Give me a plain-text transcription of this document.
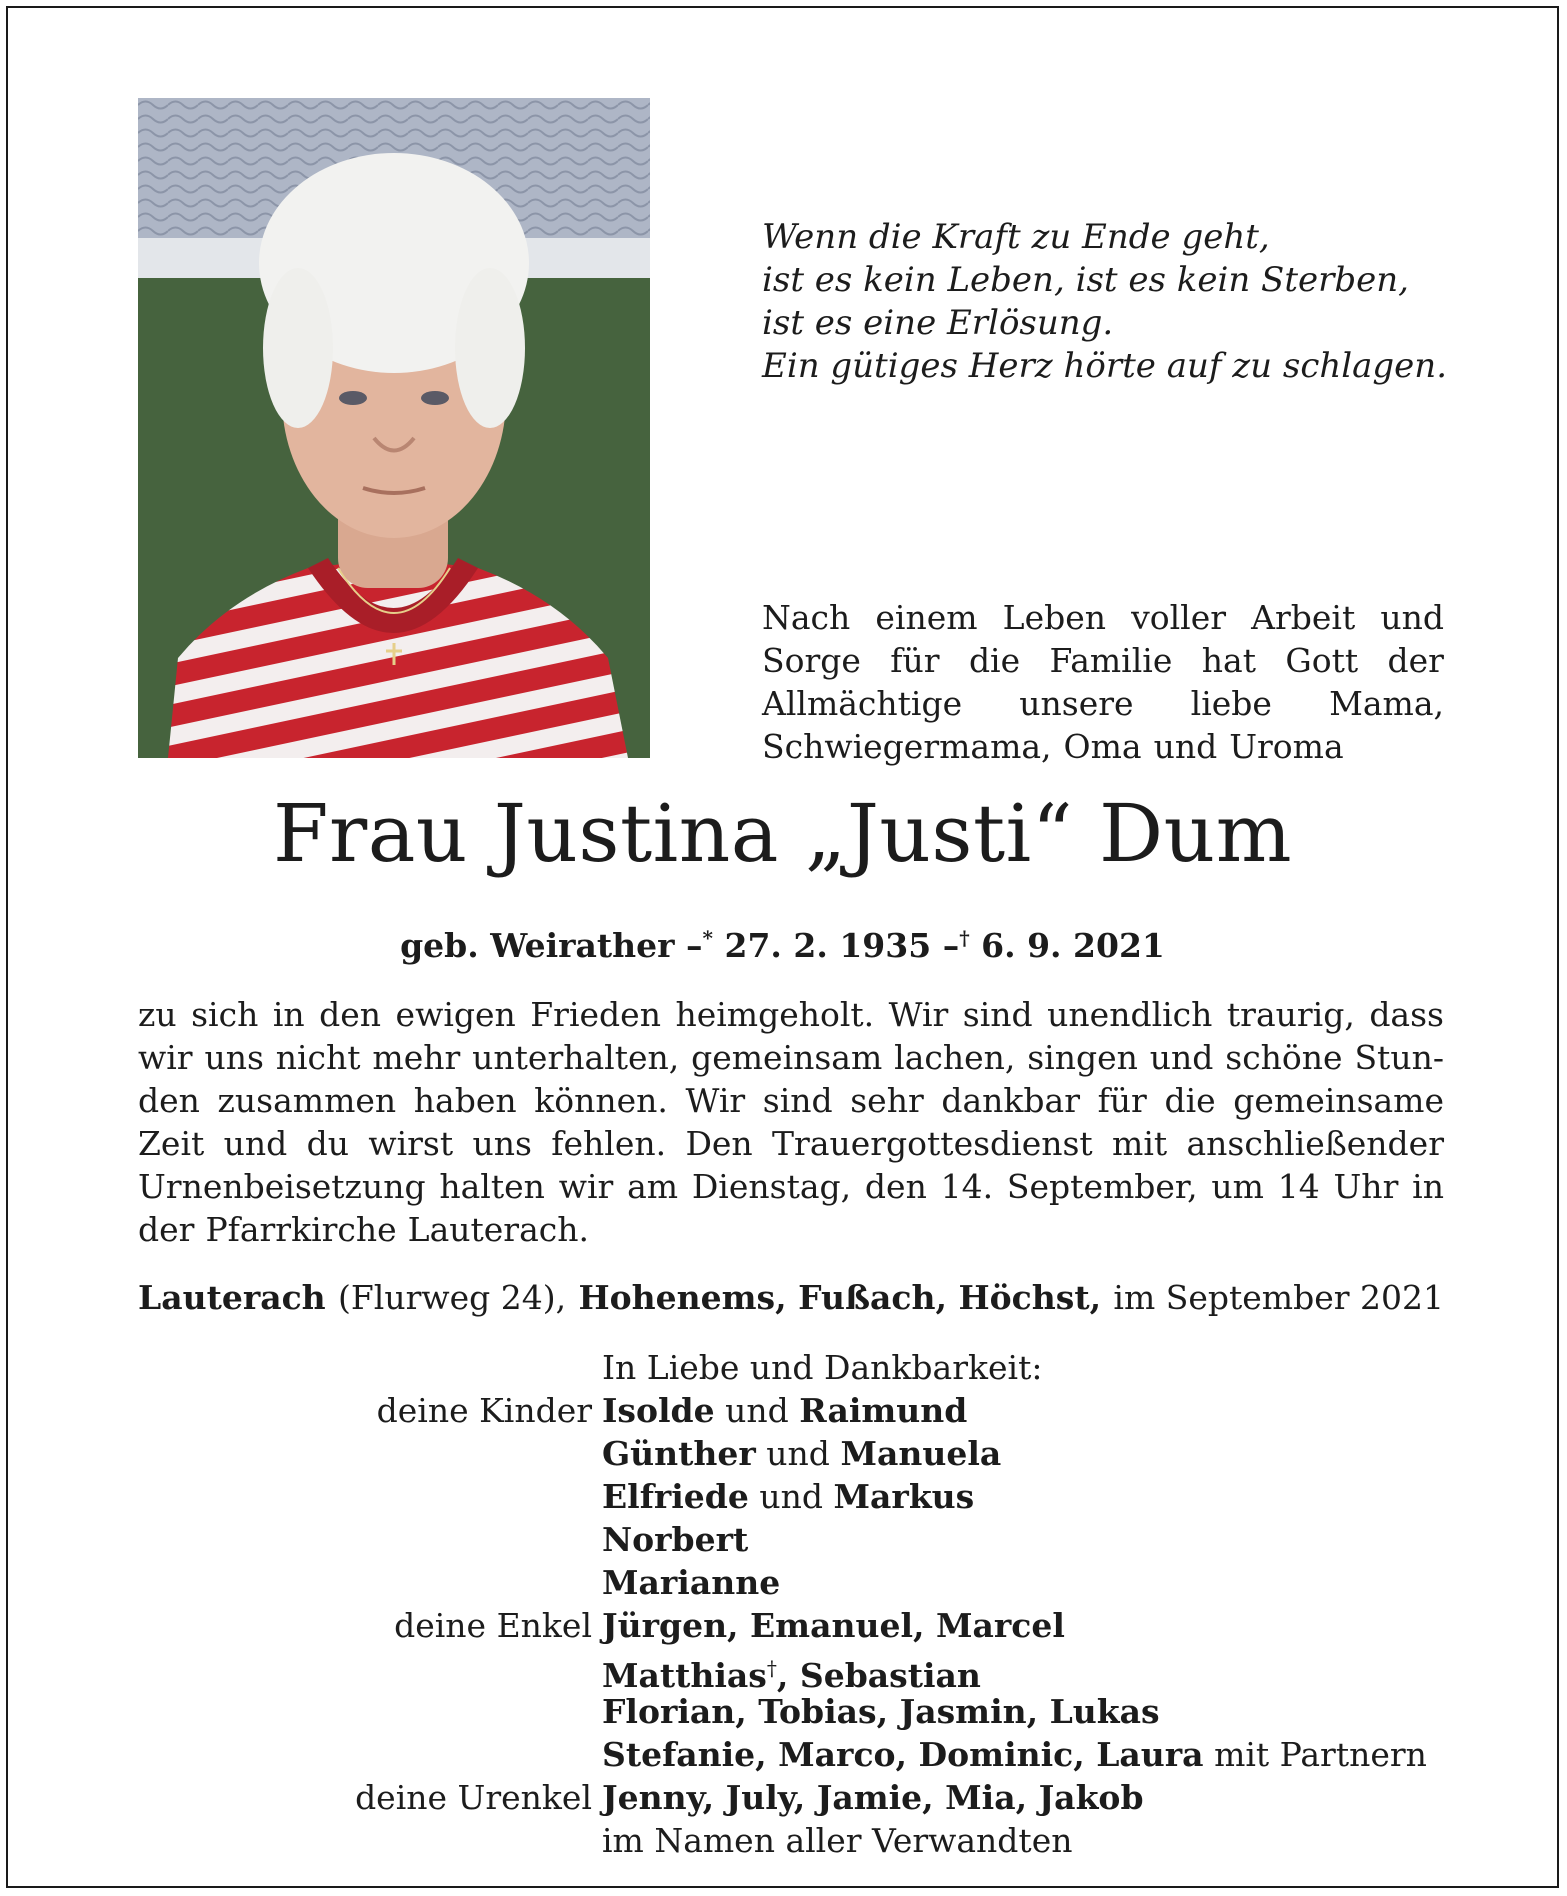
Wenn die Kraft zu Ende geht,
ist es kein Leben, ist es kein Sterben,
ist es eine Erlösung.
Ein gütiges Herz hörte auf zu schlagen.
Nach einem Leben voller Arbeit und
Sorge für die Familie hat Gott der
Allmächtige unsere liebe Mama,
Schwiegermama, Oma und Uroma
Frau Justina „Justi“ Dum
geb. Weirather –* 27. 2. 1935 –† 6. 9. 2021
zu sich in den ewigen Frieden heimgeholt. Wir sind unendlich traurig, dass
wir uns nicht mehr unterhalten, gemeinsam lachen, singen und schöne Stun-
den zusammen haben können. Wir sind sehr dankbar für die gemeinsame
Zeit und du wirst uns fehlen. Den Trauergottesdienst mit anschließender
Urnenbeisetzung halten wir am Dienstag, den 14. September, um 14 Uhr in
der Pfarrkirche Lauterach.
Lauterach (Flurweg 24), Hohenems, Fußach, Höchst, im September 2021
In Liebe und Dankbarkeit:
deine Kinder Isolde und Raimund
Günther und Manuela
Elfriede und Markus
Norbert
Marianne
deine Enkel Jürgen, Emanuel, Marcel
Matthias†, Sebastian
Florian, Tobias, Jasmin, Lukas
Stefanie, Marco, Dominic, Laura mit Partnern
deine Urenkel Jenny, July, Jamie, Mia, Jakob
im Namen aller Verwandten
